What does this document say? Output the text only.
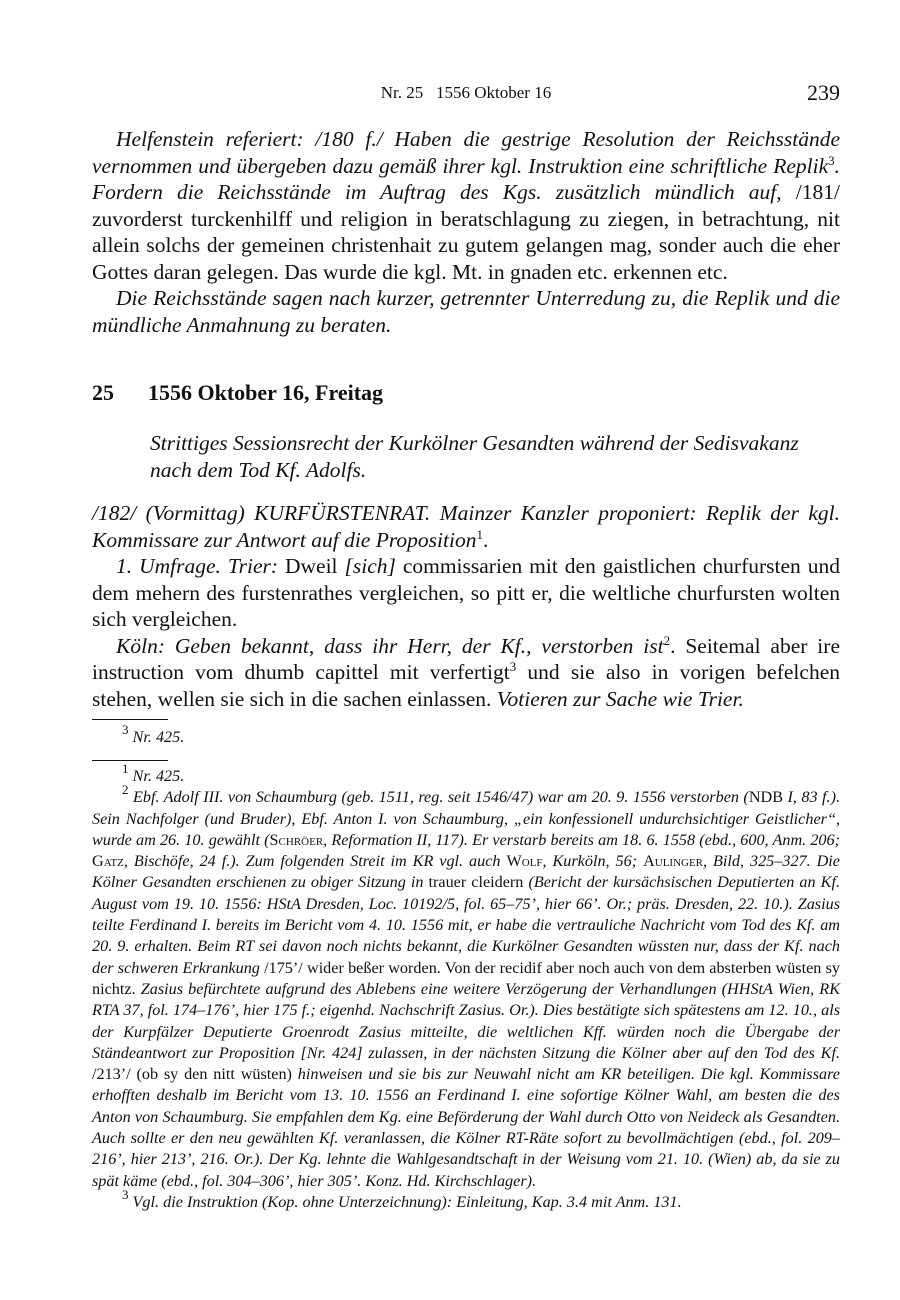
Nr. 25   1556 Oktober 16	239

Helfenstein referiert: /180 f./ Haben die gestrige Resolution der Reichsstände vernommen und übergeben dazu gemäß ihrer kgl. Instruktion eine schriftliche Replik$^3$. Fordern die Reichsstände im Auftrag des Kgs. zusätzlich mündlich auf, /181/ zuvorderst turckenhilff und religion in beratschlagung zu ziegen, in betrachtung, nit allein solchs der gemeinen christenhait zu gutem gelangen mag, sonder auch die eher Gottes daran gelegen. Das wurde die kgl. Mt. in gnaden etc. erkennen etc.

Die Reichsstände sagen nach kurzer, getrennter Unterredung zu, die Replik und die mündliche Anmahnung zu beraten.

25 1556 Oktober 16, Freitag
Strittiges Sessionsrecht der Kurkölner Gesandten während der Sedisvakanz nach dem Tod Kf. Adolfs.

/182/ (Vormittag) KURFÜRSTENRAT. Mainzer Kanzler proponiert: Replik der kgl. Kommissare zur Antwort auf die Proposition$^1$.

1. Umfrage. Trier: Dweil [sich] commissarien mit den gaistlichen churfursten und dem mehern des furstenrathes vergleichen, so pitt er, die weltliche churfursten wolten sich vergleichen.

Köln: Geben bekannt, dass ihr Herr, der Kf., verstorben ist$^2$. Seitemal aber ire instruction vom dhumb capittel mit verfertigt$^3$ und sie also in vorigen befelchen stehen, wellen sie sich in die sachen einlassen. Votieren zur Sache wie Trier.

$^3$ Nr. 425.

$^1$ Nr. 425.

$^2$ Ebf. Adolf III. von Schaumburg (geb. 1511, reg. seit 1546/47) war am 20. 9. 1556 verstorben (NDB I, 83 f.). Sein Nachfolger (und Bruder), Ebf. Anton I. von Schaumburg, „ein konfessionell undurchsichtiger Geistlicher“, wurde am 26. 10. gewählt (Schröer, Reformation II, 117). Er verstarb bereits am 18. 6. 1558 (ebd., 600, Anm. 206; Gatz, Bischöfe, 24 f.). Zum folgenden Streit im KR vgl. auch Wolf, Kurköln, 56; Aulinger, Bild, 325–327. Die Kölner Gesandten erschienen zu obiger Sitzung in trauer cleidern (Bericht der kursächsischen Deputierten an Kf. August vom 19. 10. 1556: HStA Dresden, Loc. 10192/5, fol. 65–75’, hier 66’. Or.; präs. Dresden, 22. 10.). Zasius teilte Ferdinand I. bereits im Bericht vom 4. 10. 1556 mit, er habe die vertrauliche Nachricht vom Tod des Kf. am 20. 9. erhalten. Beim RT sei davon noch nichts bekannt, die Kurkölner Gesandten wüssten nur, dass der Kf. nach der schweren Erkrankung /175’/ wider beßer worden. Von der recidif aber noch auch von dem absterben wüsten sy nichtz. Zasius befürchtete aufgrund des Ablebens eine weitere Verzögerung der Verhandlungen (HHStA Wien, RK RTA 37, fol. 174–176’, hier 175 f.; eigenhd. Nachschrift Zasius. Or.). Dies bestätigte sich spätestens am 12. 10., als der Kurpfälzer Deputierte Groenrodt Zasius mitteilte, die weltlichen Kff. würden noch die Übergabe der Ständeantwort zur Proposition [Nr. 424] zulassen, in der nächsten Sitzung die Kölner aber auf den Tod des Kf. /213’/ (ob sy den nitt wüsten) hinweisen und sie bis zur Neuwahl nicht am KR beteiligen. Die kgl. Kommissare erhofften deshalb im Bericht vom 13. 10. 1556 an Ferdinand I. eine sofortige Kölner Wahl, am besten die des Anton von Schaumburg. Sie empfahlen dem Kg. eine Beförderung der Wahl durch Otto von Neideck als Gesandten. Auch sollte er den neu gewählten Kf. veranlassen, die Kölner RT-Räte sofort zu bevollmächtigen (ebd., fol. 209–216’, hier 213’, 216. Or.). Der Kg. lehnte die Wahlgesandtschaft in der Weisung vom 21. 10. (Wien) ab, da sie zu spät käme (ebd., fol. 304–306’, hier 305’. Konz. Hd. Kirchschlager).

$^3$ Vgl. die Instruktion (Kop. ohne Unterzeichnung): Einleitung, Kap. 3.4 mit Anm. 131.
